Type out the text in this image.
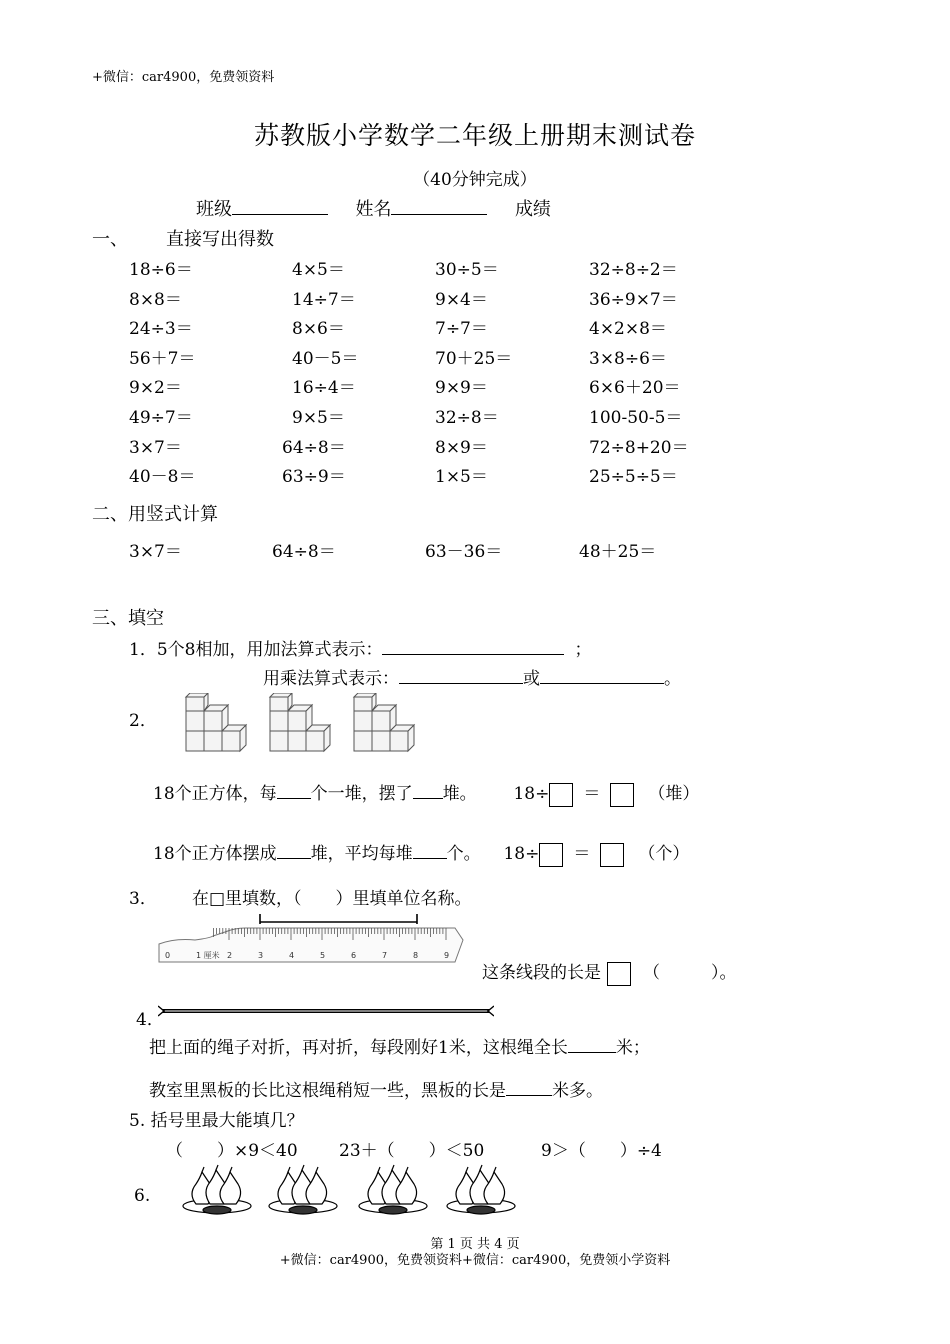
+微信：car4900，免费领资料
苏教版小学数学二年级上册期末测试卷
（40分钟完成）
班级	姓名	成绩
一、 直接写出得数
18÷6＝	4×5＝	30÷5＝	32÷8÷2＝
8×8＝	14÷7＝	9×4＝	36÷9×7＝
24÷3＝	8×6＝	7÷7＝	4×2×8＝
56＋7＝	40－5＝	70＋25＝	3×8÷6＝
9×2＝	16÷4＝	9×9＝	6×6＋20＝
49÷7＝	9×5＝	32÷8＝	100-50-5＝
3×7＝	64÷8＝	8×9＝	72÷8+20＝
40－8＝	63÷9＝	1×5＝	25÷5÷5＝
二、用竖式计算
3×7＝	64÷8＝	63－36＝	48＋25＝
三、填空
1．5个8相加，用加法算式表示：	；
用乘法算式表示：	或	。
2．
18个正方体，每 个一堆，摆了 堆。 18÷ ＝	（堆）
18个正方体摆成 堆，平均每堆 个。 18÷ ＝	（个）
3． 在□里填数，（　　）里填单位名称。
0	1 厘米 2	3	4	5	6	7	8	9
这条线段的长是 （　　　）。
4．
把上面的绳子对折，再对折，每段刚好1米，这根绳全长	米；
教室里黑板的长比这根绳稍短一些，黑板的长是	米多。
5. 括号里最大能填几？
（　　）×9＜40 23＋（　　）＜50	9＞（　　）÷4
6.
第 1 页 共 4 页
+微信：car4900，免费领资料+微信：car4900，免费领小学资料
